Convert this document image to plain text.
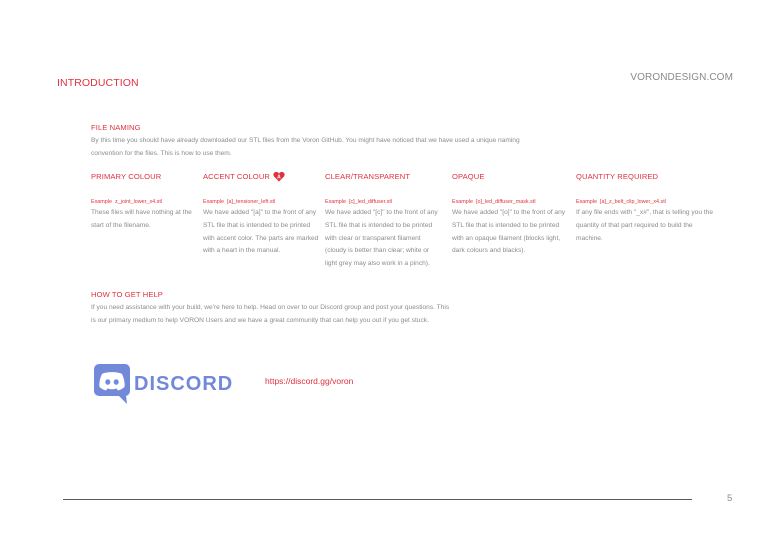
INTRODUCTION	VORONDESIGN.COM
FILE NAMING
By this time you should have already downloaded our STL files from the Voron GitHub. You might have noticed that we have used a unique naming convention for the files. This is how to use them.
PRIMARY COLOUR
Example z_joint_lower_x4.stl
These files will have nothing at the start of the filename.
ACCENT COLOUR A
Example [a]_tensioner_left.stl
We have added "[a]" to the front of any STL file that is intended to be printed with accent color. The parts are marked with a heart in the manual.
CLEAR/TRANSPARENT
Example [c]_led_diffuser.stl
We have added "[c]" to the front of any STL file that is intended to be printed with clear or transparent filament (cloudy is better than clear; white or light grey may also work in a pinch).
OPAQUE
Example [o]_led_diffuser_mask.stl
We have added "[o]" to the front of any STL file that is intended to be printed with an opaque filament (blocks light, dark colours and blacks).
QUANTITY REQUIRED
Example [a]_z_belt_clip_lower_x4.stl
If any file ends with "_x#", that is telling you the quantity of that part required to build the machine.
HOW TO GET HELP
If you need assistance with your build, we're here to help. Head on over to our Discord group and post your questions. This is our primary medium to help VORON Users and we have a great community that can help you out if you get stuck.
DISCORD	https://discord.gg/voron
5
